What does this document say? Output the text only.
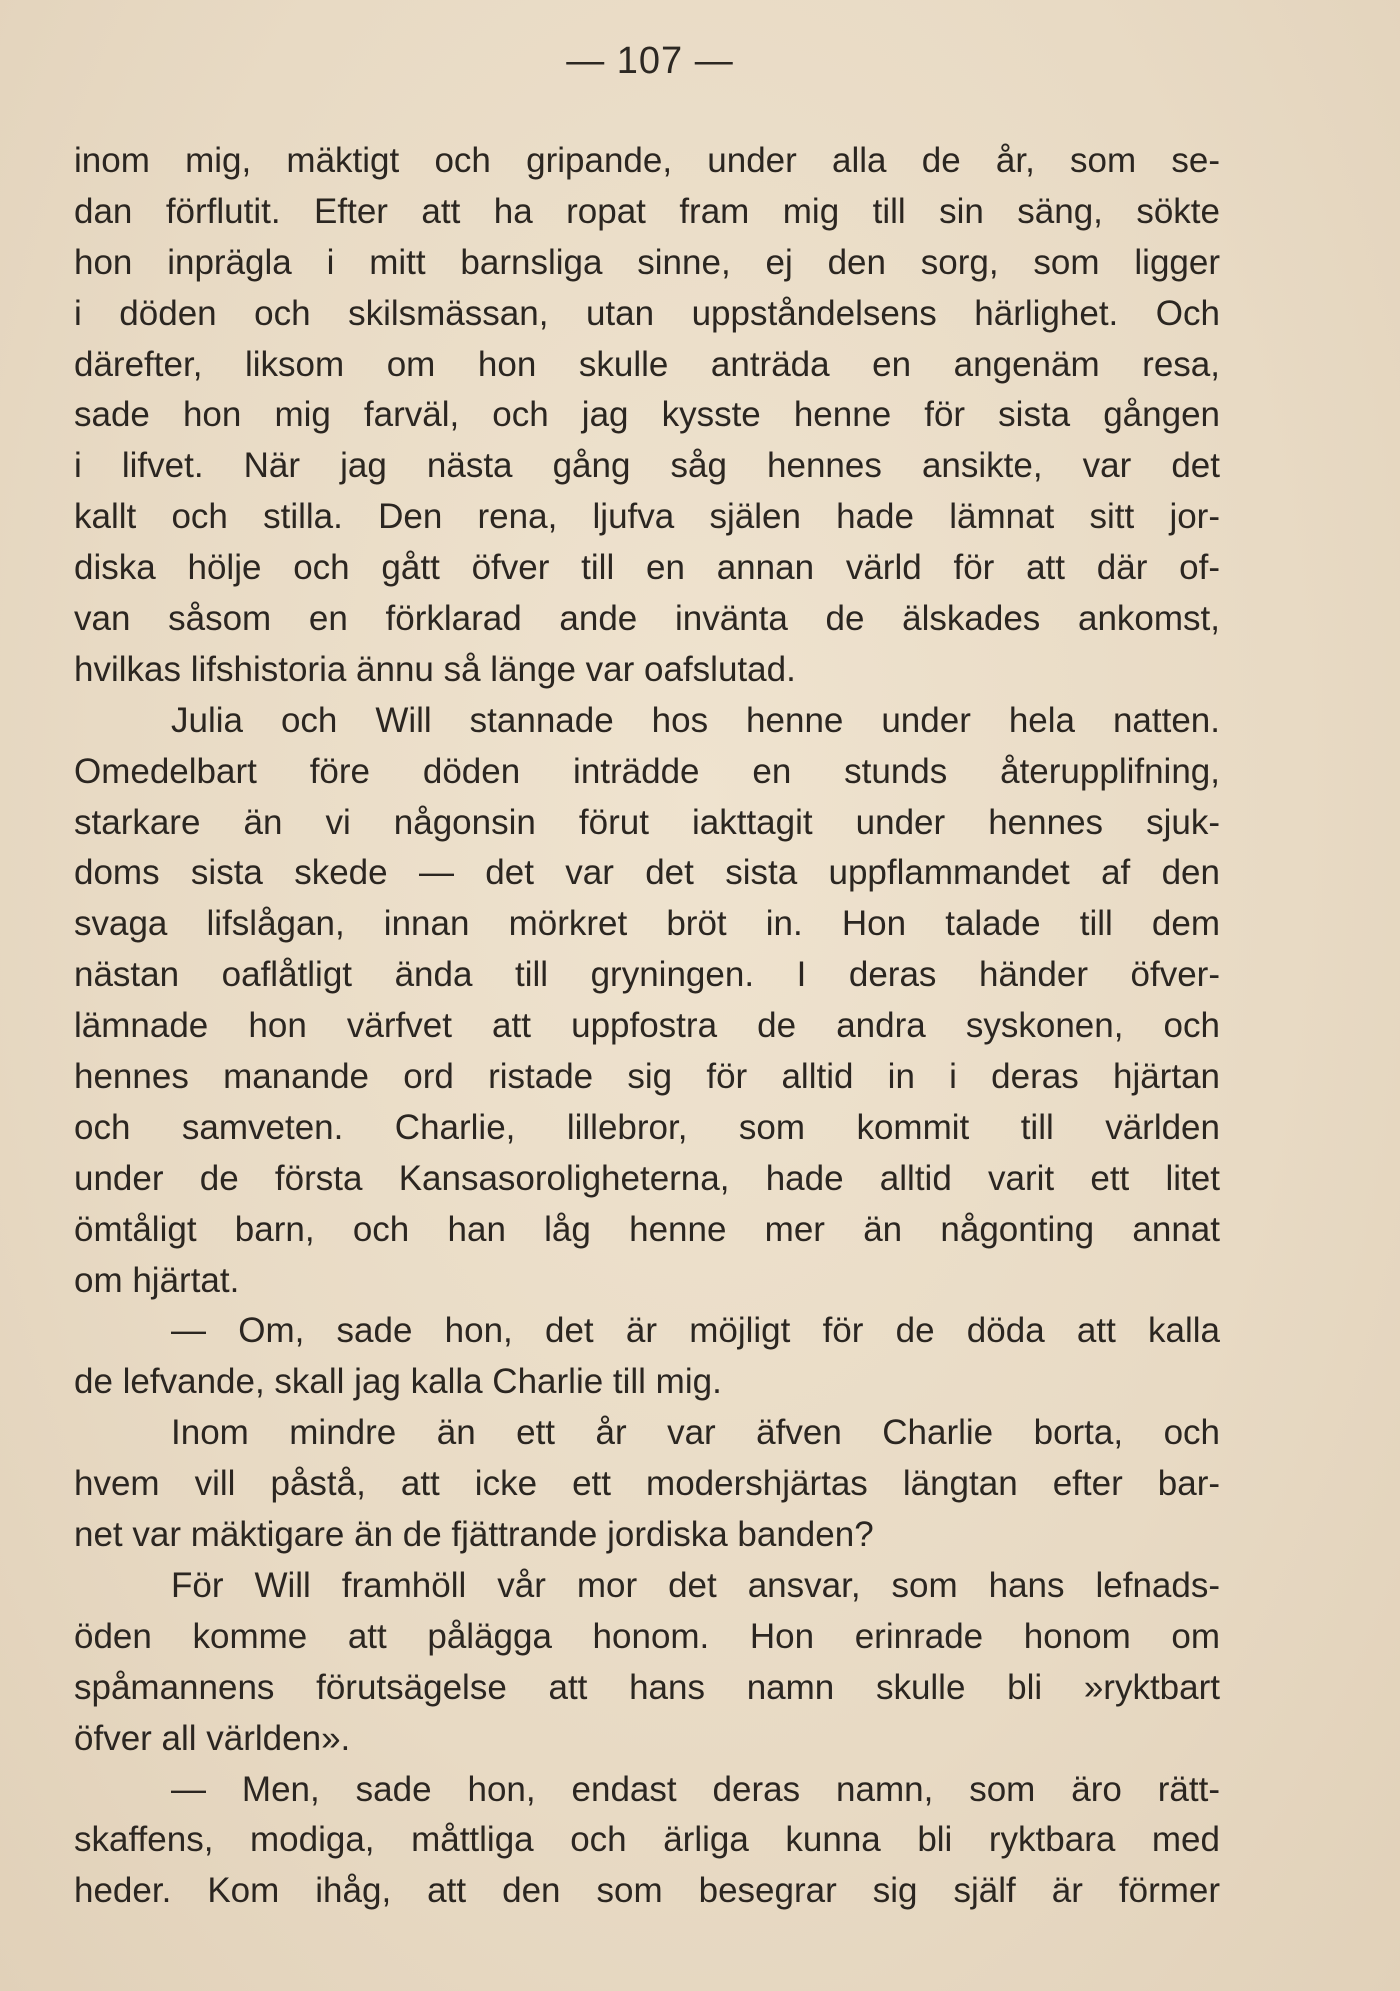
— 107 —
inom mig, mäktigt och gripande, under alla de år, som se-
dan förflutit. Efter att ha ropat fram mig till sin säng, sökte
hon inprägla i mitt barnsliga sinne, ej den sorg, som ligger
i döden och skilsmässan, utan uppståndelsens härlighet. Och
därefter, liksom om hon skulle anträda en angenäm resa,
sade hon mig farväl, och jag kysste henne för sista gången
i lifvet. När jag nästa gång såg hennes ansikte, var det
kallt och stilla. Den rena, ljufva själen hade lämnat sitt jor-
diska hölje och gått öfver till en annan värld för att där of-
van såsom en förklarad ande invänta de älskades ankomst,
hvilkas lifshistoria ännu så länge var oafslutad.
Julia och Will stannade hos henne under hela natten.
Omedelbart före döden inträdde en stunds återupplifning,
starkare än vi någonsin förut iakttagit under hennes sjuk-
doms sista skede — det var det sista uppflammandet af den
svaga lifslågan, innan mörkret bröt in. Hon talade till dem
nästan oaflåtligt ända till gryningen. I deras händer öfver-
lämnade hon värfvet att uppfostra de andra syskonen, och
hennes manande ord ristade sig för alltid in i deras hjärtan
och samveten. Charlie, lillebror, som kommit till världen
under de första Kansasoroligheterna, hade alltid varit ett litet
ömtåligt barn, och han låg henne mer än någonting annat
om hjärtat.
— Om, sade hon, det är möjligt för de döda att kalla
de lefvande, skall jag kalla Charlie till mig.
Inom mindre än ett år var äfven Charlie borta, och
hvem vill påstå, att icke ett modershjärtas längtan efter bar-
net var mäktigare än de fjättrande jordiska banden?
För Will framhöll vår mor det ansvar, som hans lefnads-
öden komme att pålägga honom. Hon erinrade honom om
spåmannens förutsägelse att hans namn skulle bli »ryktbart
öfver all världen».
— Men, sade hon, endast deras namn, som äro rätt-
skaffens, modiga, måttliga och ärliga kunna bli ryktbara med
heder. Kom ihåg, att den som besegrar sig själf är förmer
